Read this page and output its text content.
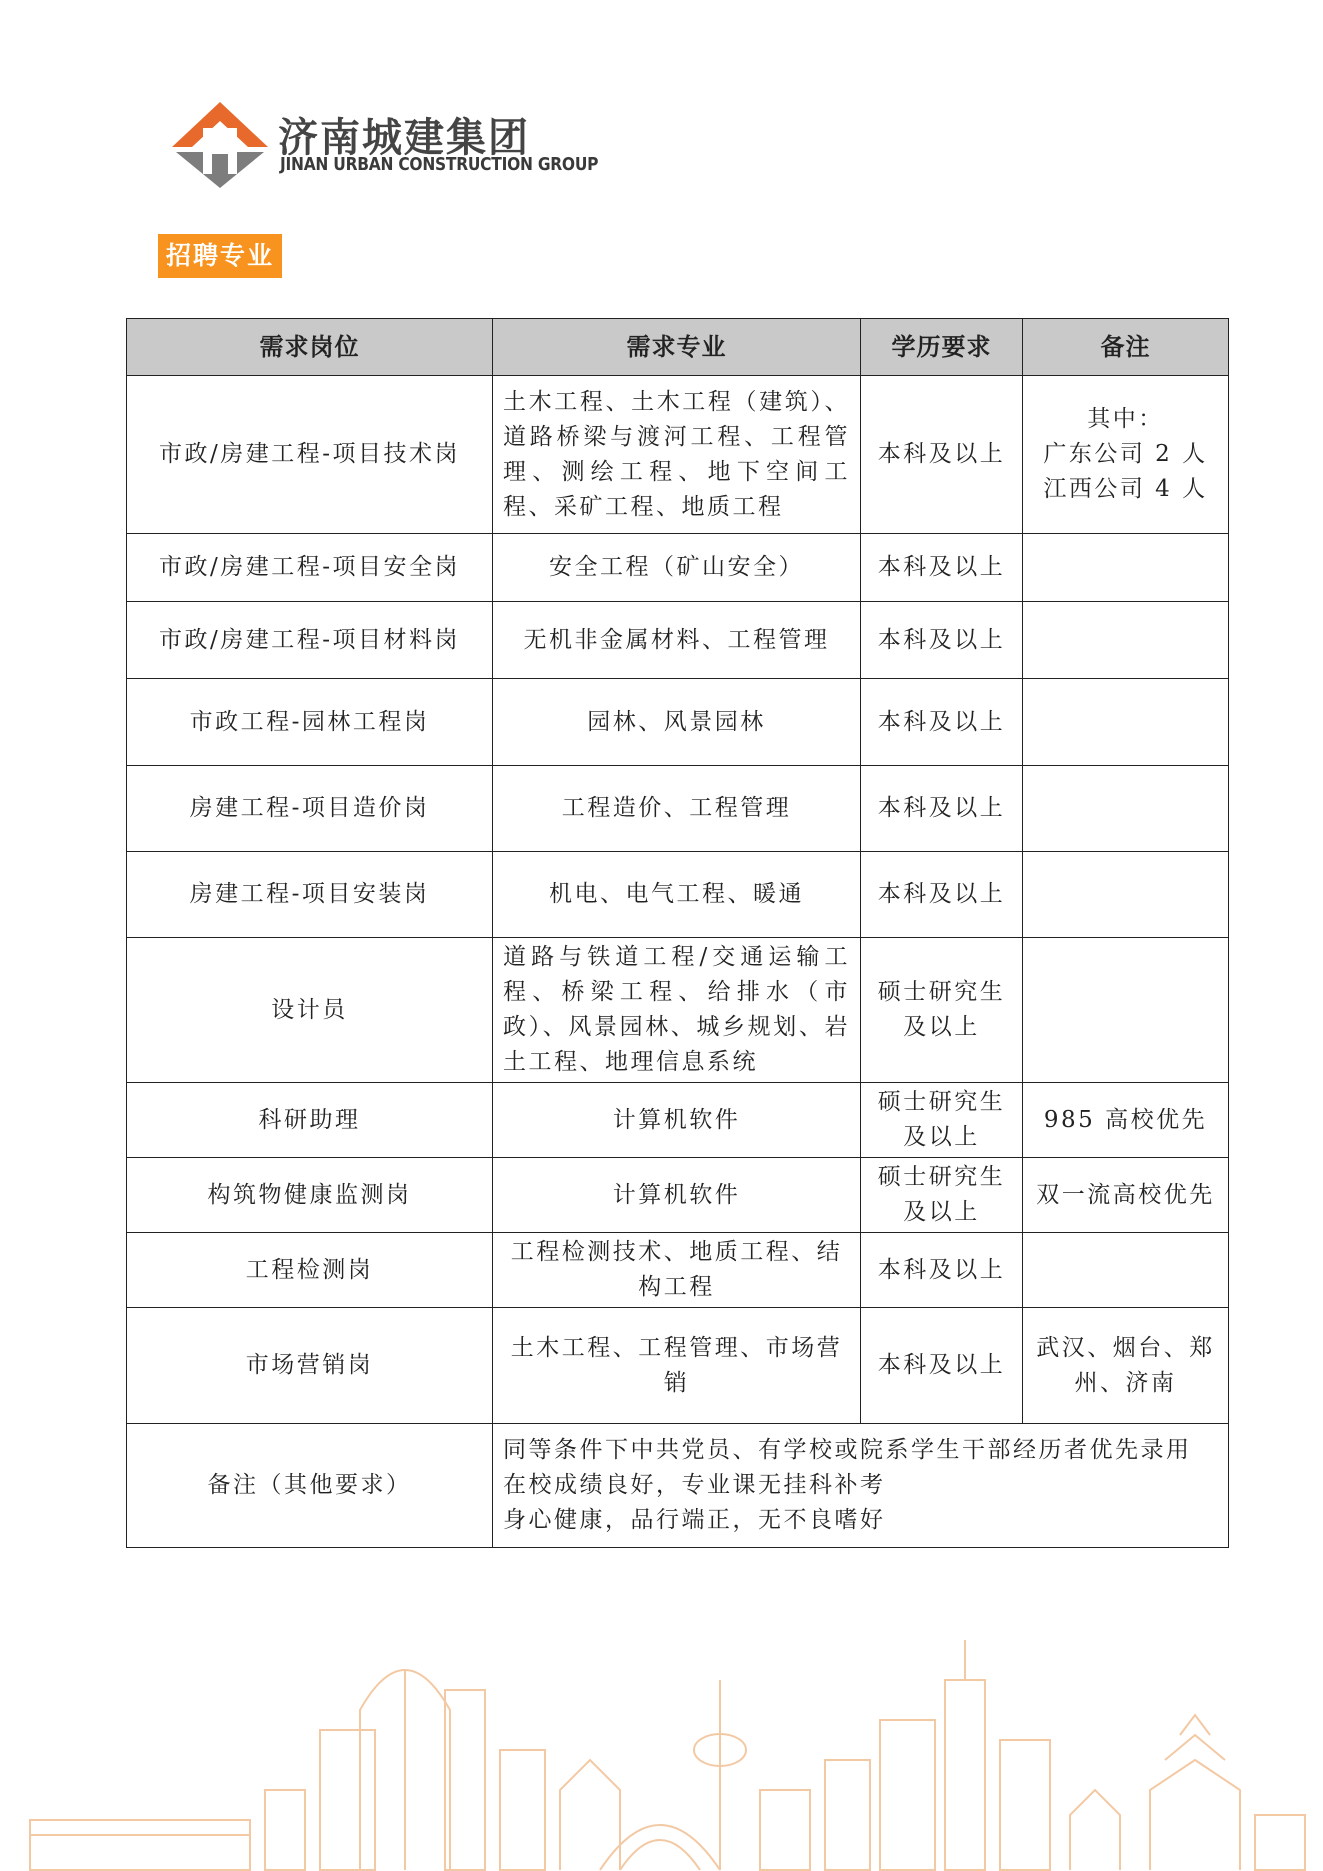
济南城建集团
JINAN URBAN CONSTRUCTION GROUP
招聘专业
需求岗位	需求专业	学历要求	备注
市政/房建工程-项目技术岗	土木工程、土木工程（建筑）、道路桥梁与渡河工程、工程管理、测绘工程、地下空间工程、采矿工程、地质工程	本科及以上	其中：
广东公司 2 人
江西公司 4 人

市政/房建工程-项目安全岗	安全工程（矿山安全）	本科及以上	
市政/房建工程-项目材料岗	无机非金属材料、工程管理	本科及以上	
市政工程-园林工程岗	园林、风景园林	本科及以上	
房建工程-项目造价岗	工程造价、工程管理	本科及以上	
房建工程-项目安装岗	机电、电气工程、暖通	本科及以上	
设计员	道路与铁道工程/交通运输工程、桥梁工程、给排水（市政）、风景园林、城乡规划、岩土工程、地理信息系统	硕士研究生及以上	
科研助理	计算机软件	硕士研究生及以上	985 高校优先
构筑物健康监测岗	计算机软件	硕士研究生及以上	双一流高校优先
工程检测岗	工程检测技术、地质工程、结构工程	本科及以上	
市场营销岗	土木工程、工程管理、市场营销	本科及以上	武汉、烟台、郑州、济南
备注（其他要求）	同等条件下中共党员、有学校或院系学生干部经历者优先录用
在校成绩良好，专业课无挂科补考
身心健康，品行端正，无不良嗜好		
